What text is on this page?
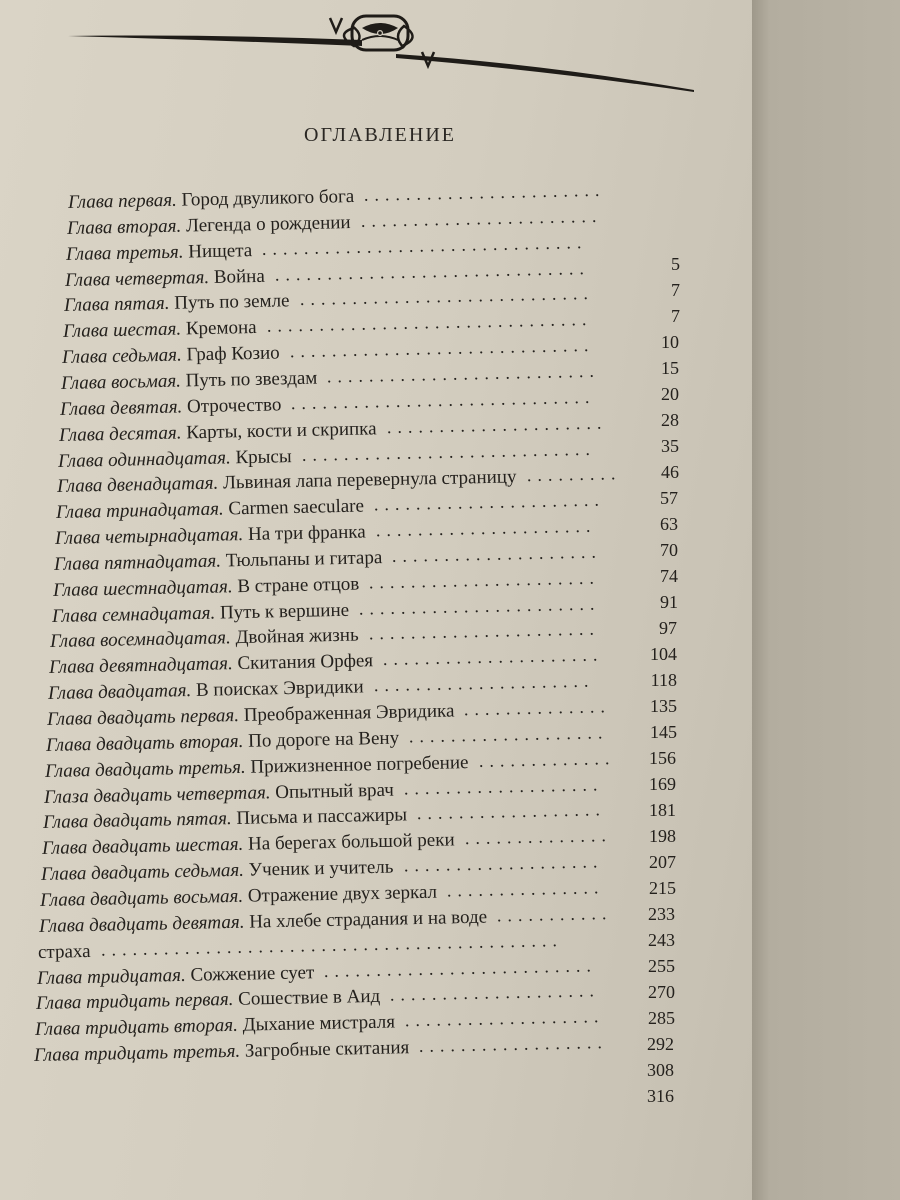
ОГЛАВЛЕНИЕ
Глава первая. Город двуликого бога .......................
Глава вторая. Легенда о рождении .......................
Глава третья. Нищета ...............................
Глава четвертая. Война ..............................
Глава пятая. Путь по земле ............................
Глава шестая. Кремона ...............................
Глава седьмая. Граф Козио .............................
Глава восьмая. Путь по звездам ..........................
Глава девятая. Отрочество .............................
Глава десятая. Карты, кости и скрипка .....................
Глава одиннадцатая. Крысы ............................
Глава двенадцатая. Львиная лапа перевернула страницу .........
Глава тринадцатая. Carmen saeculare ......................
Глава четырнадцатая. На три франка .....................
Глава пятнадцатая. Тюльпаны и гитара ....................
Глава шестнадцатая. В стране отцов ......................
Глава семнадцатая. Путь к вершине .......................
Глава восемнадцатая. Двойная жизнь ......................
Глава девятнадцатая. Скитания Орфея .....................
Глава двадцатая. В поисках Эвридики .....................
Глава двадцать первая. Преображенная Эвридика ..............
Глава двадцать вторая. По дороге на Вену ...................
Глава двадцать третья. Прижизненное погребение .............
Глаза двадцать четвертая. Опытный врач ...................
Глава двадцать пятая. Письма и пассажиры ..................
Глава двадцать шестая. На берегах большой реки ..............
Глава двадцать седьмая. Ученик и учитель ...................
Глава двадцать восьмая. Отражение двух зеркал ...............
Глава двадцать девятая. На хлебе страдания и на воде ...........
страха ............................................
Глава тридцатая. Сожжение сует ..........................
Глава тридцать первая. Сошествие в Аид ....................
Глава тридцать вторая. Дыхание мистраля ...................
Глава тридцать третья. Загробные скитания ..................
5
7
7
10
15
20
28
35
46
57
63
70
74
91
97
104
118
135
145
156
169
181
198
207
215
233
243
255
270
285
292
308
316
